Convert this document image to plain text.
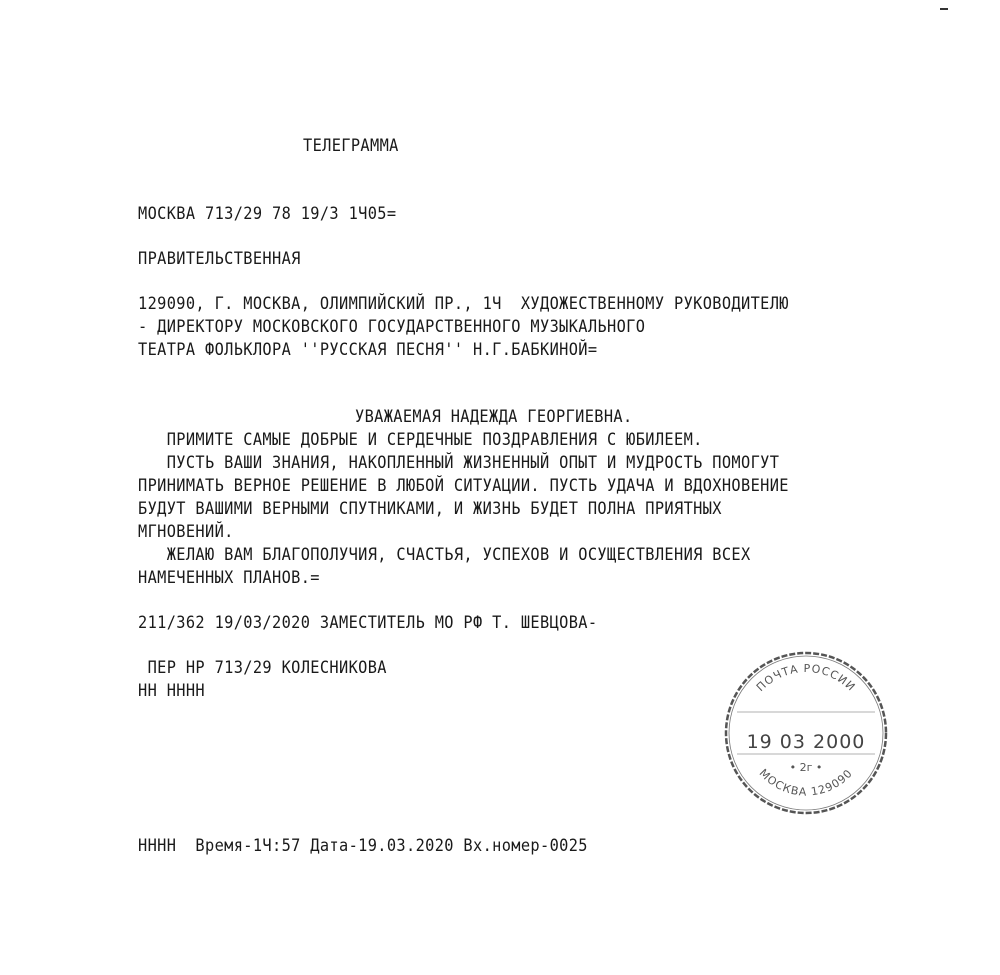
ТЕЛЕГРАММА
МОСКВА 713/29 78 19/3 1Ч05=
ПРАВИТЕЛЬСТВЕННАЯ
129090, Г. МОСКВА, ОЛИМПИЙСКИЙ ПР., 1Ч  ХУДОЖЕСТВЕННОМУ РУКОВОДИТЕЛЮ
- ДИРЕКТОРУ МОСКОВСКОГО ГОСУДАРСТВЕННОГО МУЗЫКАЛЬНОГО
ТЕАТРА ФОЛЬКЛОРА ''РУССКАЯ ПЕСНЯ'' Н.Г.БАБКИНОЙ=
УВАЖАЕМАЯ НАДЕЖДА ГЕОРГИЕВНА.
ПРИМИТЕ САМЫЕ ДОБРЫЕ И СЕРДЕЧНЫЕ ПОЗДРАВЛЕНИЯ С ЮБИЛЕЕМ.
ПУСТЬ ВАШИ ЗНАНИЯ, НАКОПЛЕННЫЙ ЖИЗНЕННЫЙ ОПЫТ И МУДРОСТЬ ПОМОГУТ
ПРИНИМАТЬ ВЕРНОЕ РЕШЕНИЕ В ЛЮБОЙ СИТУАЦИИ. ПУСТЬ УДАЧА И ВДОХНОВЕНИЕ
БУДУТ ВАШИМИ ВЕРНЫМИ СПУТНИКАМИ, И ЖИЗНЬ БУДЕТ ПОЛНА ПРИЯТНЫХ
МГНОВЕНИЙ.
ЖЕЛАЮ ВАМ БЛАГОПОЛУЧИЯ, СЧАСТЬЯ, УСПЕХОВ И ОСУЩЕСТВЛЕНИЯ ВСЕХ
НАМЕЧЕННЫХ ПЛАНОВ.=
211/362 19/03/2020 ЗАМЕСТИТЕЛЬ МО РФ Т. ШЕВЦОВА-
ПЕР НР 713/29 КОЛЕСНИКОВА
НН НННН
НННН  Время-1Ч:57 Дата-19.03.2020 Вх.номер-0025
ПОЧТА РОССИИ
19 03 2000
• 2г •
МОСКВА 129090
